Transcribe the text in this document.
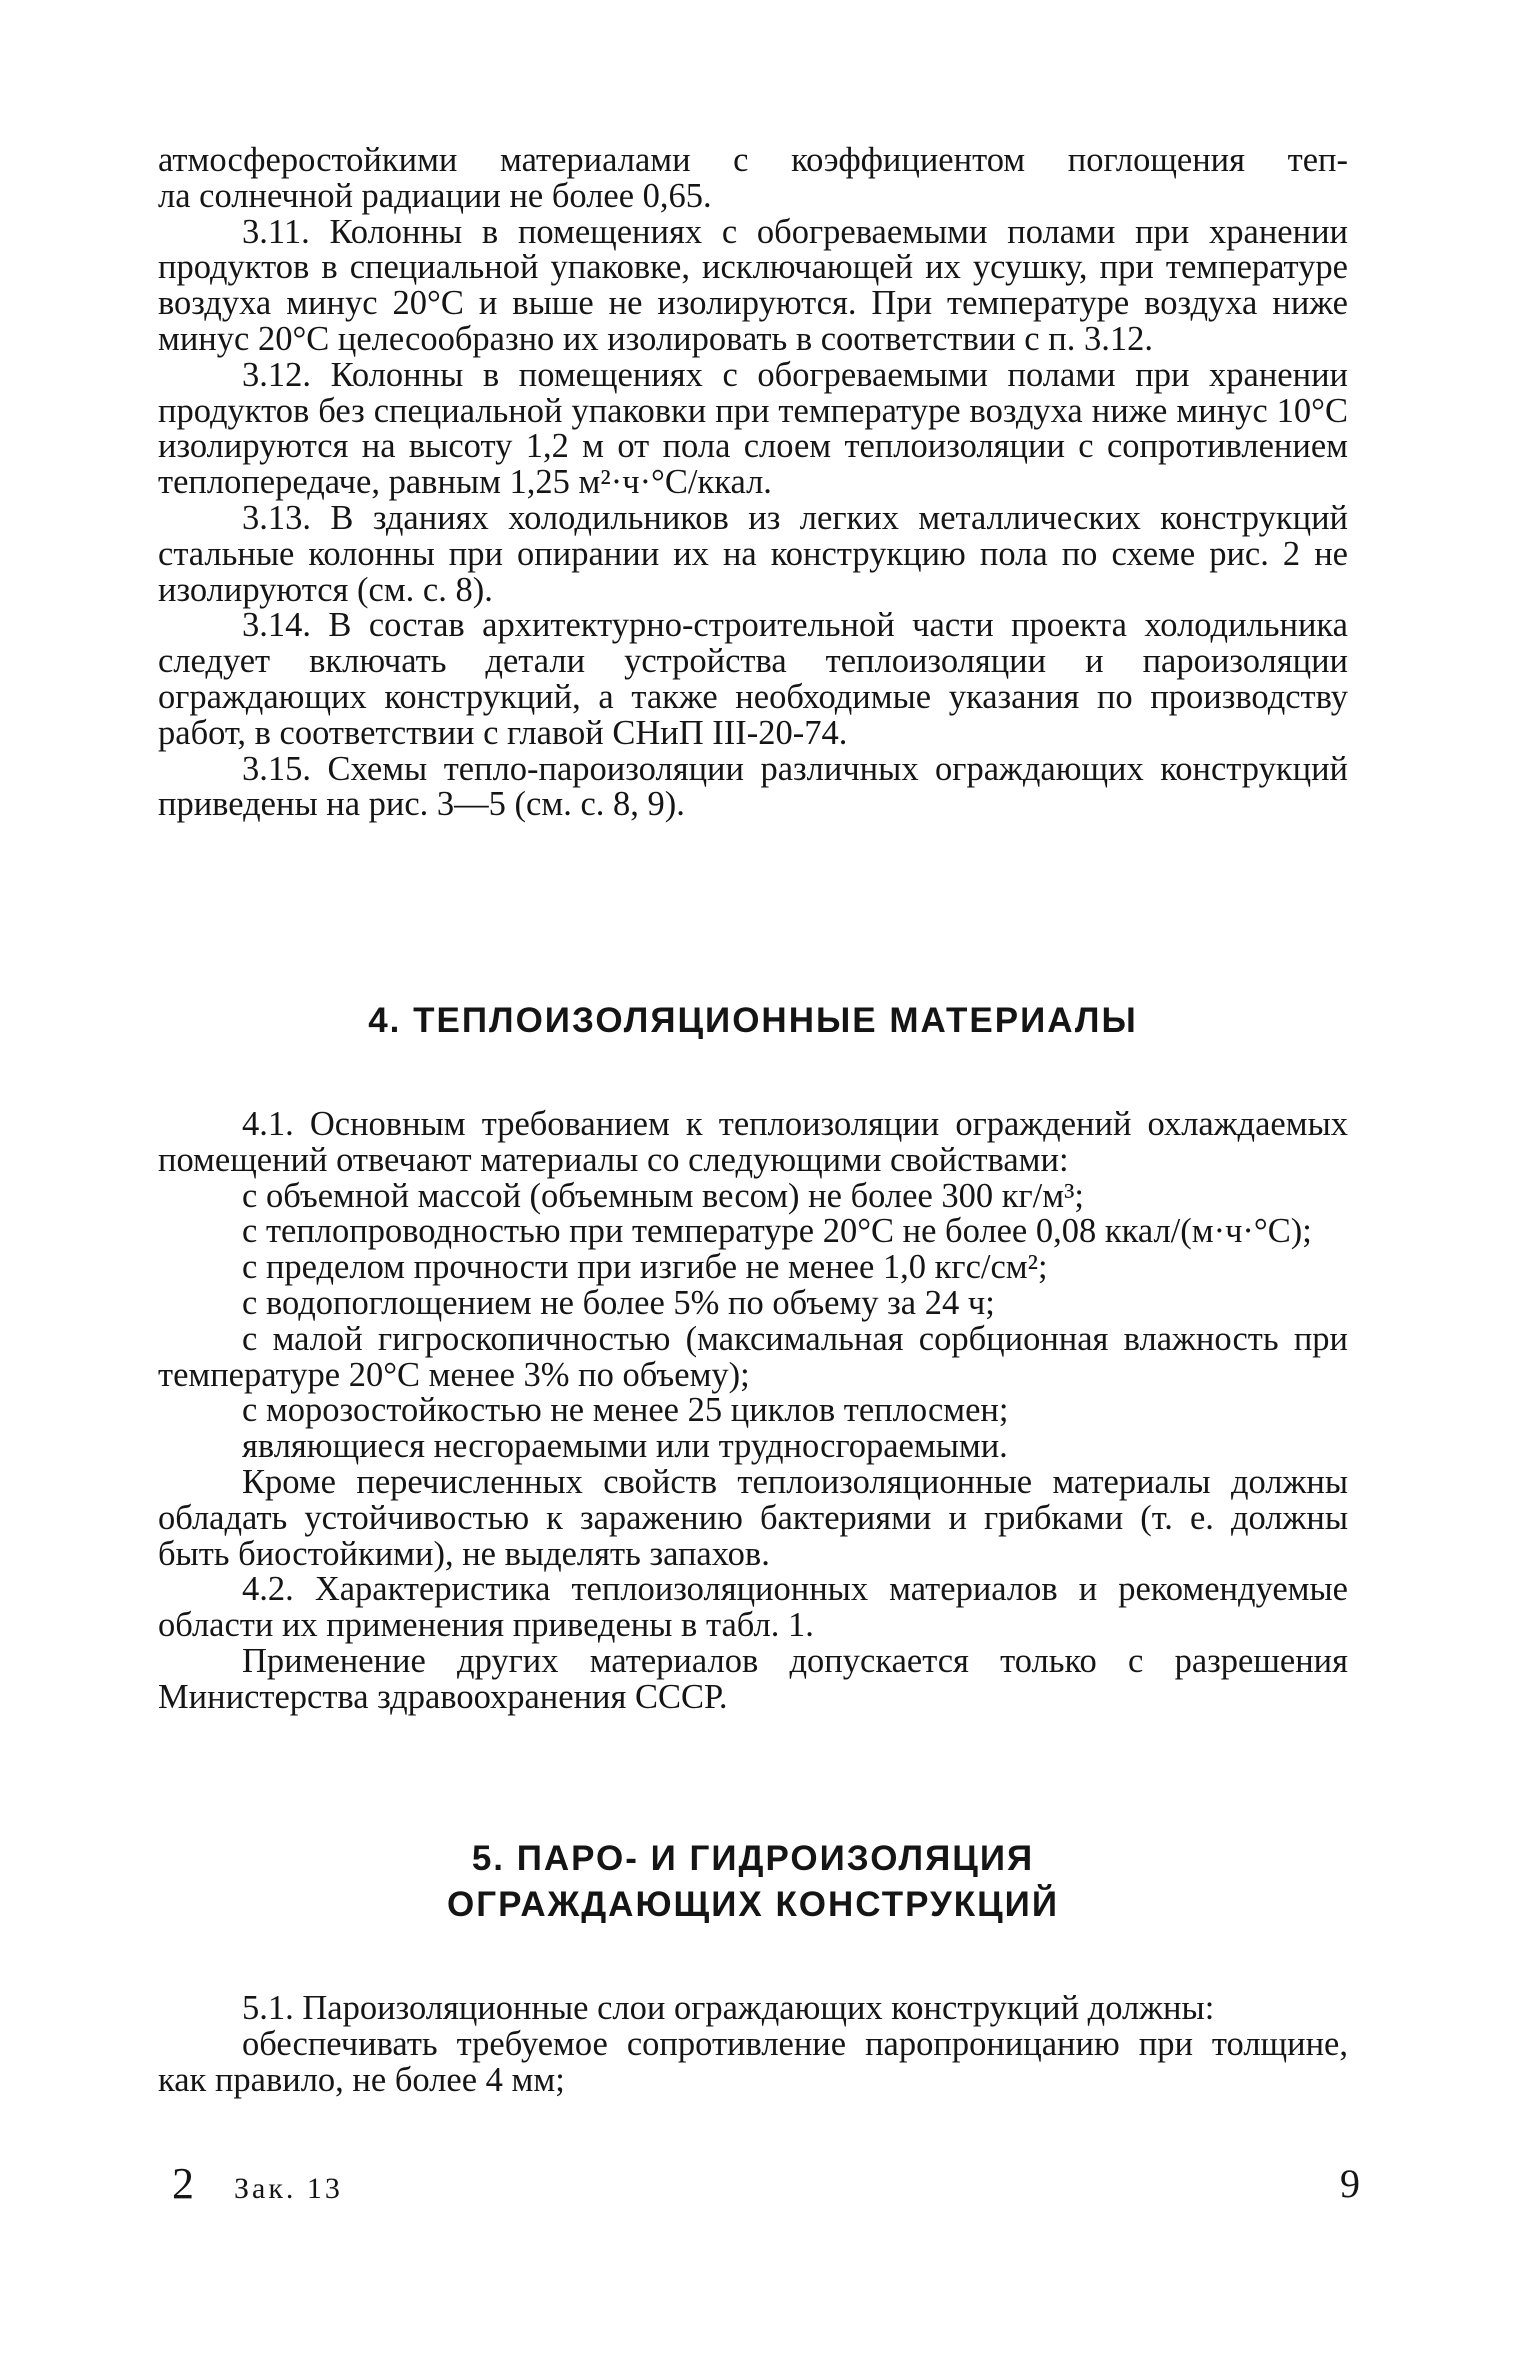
атмосферостойкими материалами с коэффициентом поглощения теп-

ла солнечной радиации не более 0,65.

3.11. Колонны в помещениях с обогреваемыми полами при хранении продуктов в специальной упаковке, исключающей их усушку, при температуре воздуха минус 20°С и выше не изолируются. При температуре воздуха ниже минус 20°С целесообразно их изолировать в соответствии с п. 3.12.

3.12. Колонны в помещениях с обогреваемыми полами при хранении продуктов без специальной упаковки при температуре воздуха ниже минус 10°С изолируются на высоту 1,2 м от пола слоем теплоизоляции с сопротивлением теплопередаче, равным 1,25 м²·ч·°С/ккал.

3.13. В зданиях холодильников из легких металлических конструкций стальные колонны при опирании их на конструкцию пола по схеме рис. 2 не изолируются (см. с. 8).

3.14. В состав архитектурно-строительной части проекта холодильника следует включать детали устройства теплоизоляции и пароизоляции ограждающих конструкций, а также необходимые указания по производству работ, в соответствии с главой СНиП III-20-74.

3.15. Схемы тепло-пароизоляции различных ограждающих конструкций приведены на рис. 3—5 (см. с. 8, 9).

4. ТЕПЛОИЗОЛЯЦИОННЫЕ МАТЕРИАЛЫ

4.1. Основным требованием к теплоизоляции ограждений охлаждаемых помещений отвечают материалы со следующими свойствами:

с объемной массой (объемным весом) не более 300 кг/м³;

с теплопроводностью при температуре 20°С не более 0,08 ккал/(м·ч·°С);

с пределом прочности при изгибе не менее 1,0 кгс/см²;

с водопоглощением не более 5% по объему за 24 ч;

с малой гигроскопичностью (максимальная сорбционная влажность при температуре 20°С менее 3% по объему);

с морозостойкостью не менее 25 циклов теплосмен;

являющиеся несгораемыми или трудносгораемыми.

Кроме перечисленных свойств теплоизоляционные материалы должны обладать устойчивостью к заражению бактериями и грибками (т. е. должны быть биостойкими), не выделять запахов.

4.2. Характеристика теплоизоляционных материалов и рекомендуемые области их применения приведены в табл. 1.

Применение других материалов допускается только с разрешения Министерства здравоохранения СССР.

5. ПАРО- И ГИДРОИЗОЛЯЦИЯ
ОГРАЖДАЮЩИХ КОНСТРУКЦИЙ

5.1. Пароизоляционные слои ограждающих конструкций должны:

обеспечивать требуемое сопротивление паропроницанию при толщине, как правило, не более 4 мм;

2 Зак. 13	9
